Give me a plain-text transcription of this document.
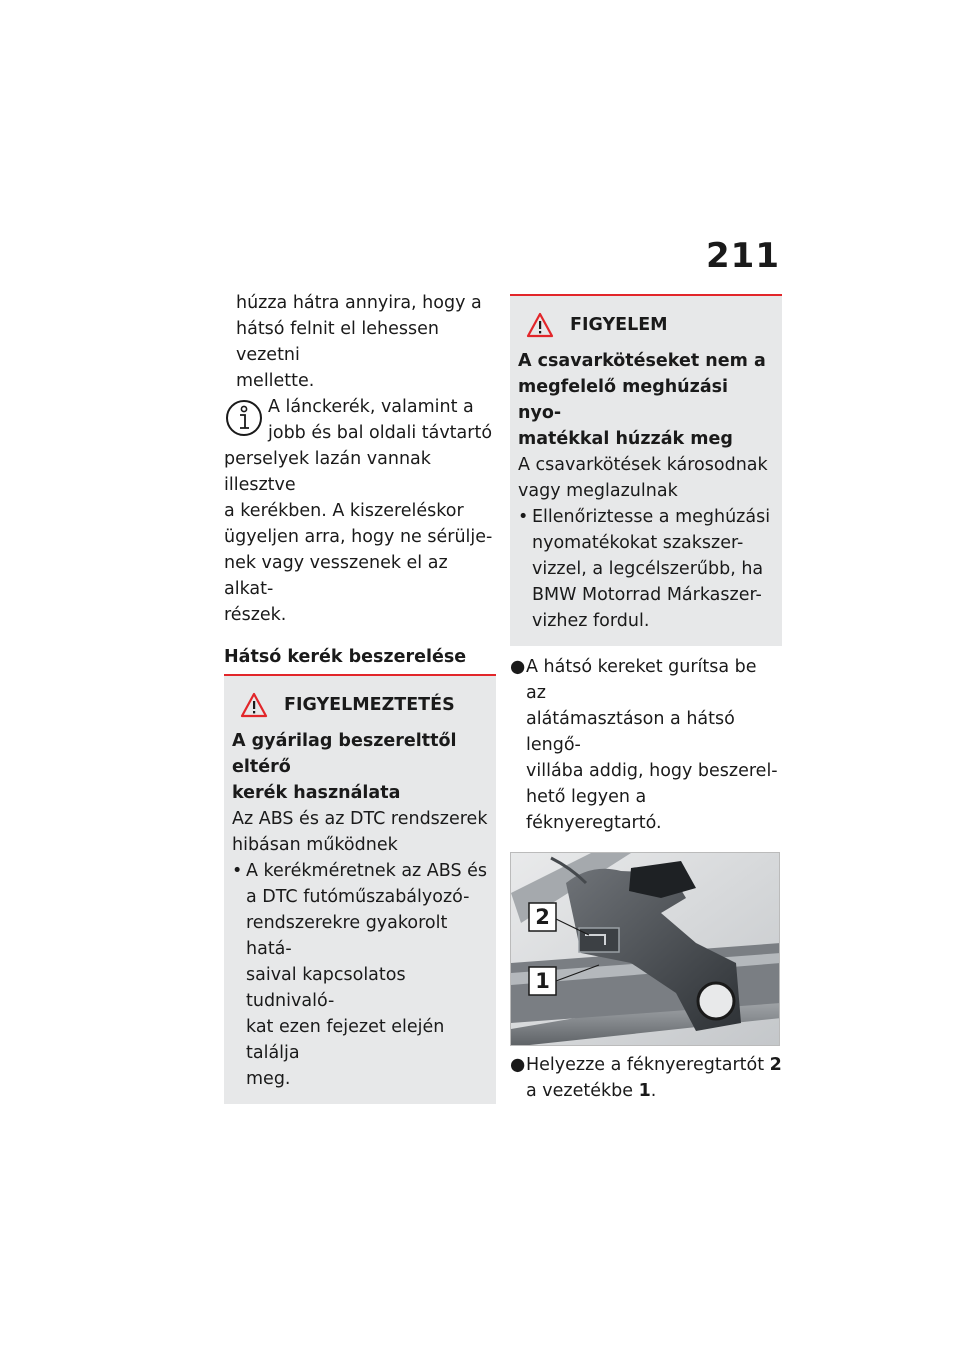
211

húzza hátra annyira, hogy a
hátsó felnit el lehessen vezetni
mellette.

A lánckerék, valamint a
jobb és bal oldali távtartó

perselyek lazán vannak illesztve
a kerékben. A kiszereléskor
ügyeljen arra, hogy ne sérülje-
nek vagy vesszenek el az alkat-
részek.

Hátsó kerék beszerelése
FIGYELMEZTETÉS

A gyárilag beszerelttől eltérő
kerék használata

Az ABS és az DTC rendszerek
hibásan működnek

• A kerékméretnek az ABS és
a DTC futóműszabályozó-
rendszerekre gyakorolt hatá-
saival kapcsolatos tudnivaló-
kat ezen fejezet elején találja
meg.

FIGYELEM

A csavarkötéseket nem a
megfelelő meghúzási nyo-
matékkal húzzák meg

A csavarkötések károsodnak
vagy meglazulnak

• Ellenőriztesse a meghúzási
nyomatékokat szakszer-
vizzel, a legcélszerűbb, ha
BMW Motorrad Márkaszer-
vizhez fordul.

● A hátsó kereket gurítsa be az
alátámasztáson a hátsó lengő-
villába addig, hogy beszerel-
hető legyen a féknyeregtartó.

2
1
● Helyezze a féknyeregtartót 2
a vezetékbe 1.
